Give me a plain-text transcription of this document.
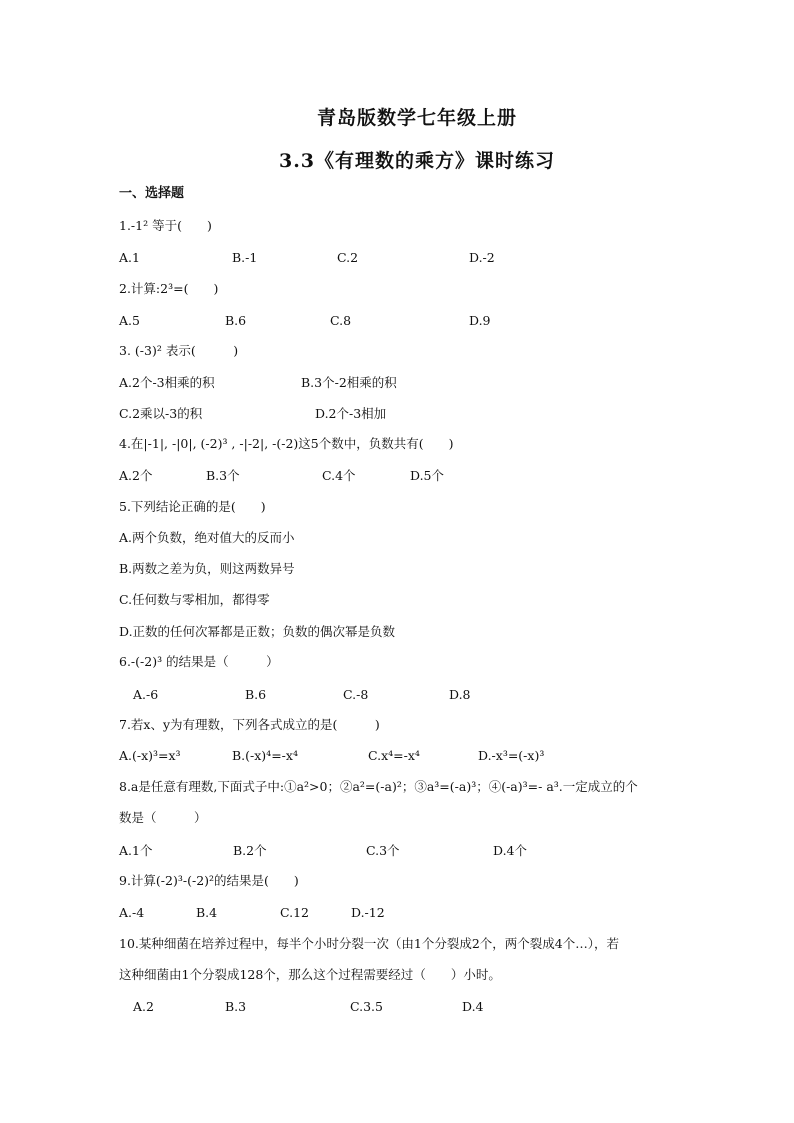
青岛版数学七年级上册
3.3《有理数的乘方》课时练习
一、选择题
1.-1² 等于(　　)
A.1	B.-1	C.2	D.-2
2.计算:2³=(　　)
A.5	B.6	C.8	D.9
3. (-3)² 表示(　　　)
A.2个-3相乘的积	B.3个-2相乘的积
C.2乘以-3的积	D.2个-3相加
4.在|-1|, -|0|, (-2)³ , -|-2|, -(-2)这5个数中，负数共有(　　)
A.2个	B.3个	C.4个	D.5个
5.下列结论正确的是(　　)
A.两个负数，绝对值大的反而小
B.两数之差为负，则这两数异号
C.任何数与零相加，都得零
D.正数的任何次幂都是正数；负数的偶次幂是负数
6.-(-2)³ 的结果是（　　　）
A.-6	B.6	C.-8	D.8
7.若x、y为有理数，下列各式成立的是(　　　)
A.(-x)³=x³	B.(-x)⁴=-x⁴	C.x⁴=-x⁴	D.-x³=(-x)³
8.a是任意有理数,下面式子中:①a²>0；②a²=(-a)²；③a³=(-a)³；④(-a)³=- a³.一定成立的个
数是（　　　）
A.1个	B.2个	C.3个	D.4个
9.计算(-2)³-(-2)²的结果是(　　)
A.-4	B.4	C.12	D.-12
10.某种细菌在培养过程中，每半个小时分裂一次（由1个分裂成2个，两个裂成4个…），若
这种细菌由1个分裂成128个，那么这个过程需要经过（　　）小时。
A.2	B.3	C.3.5	D.4
